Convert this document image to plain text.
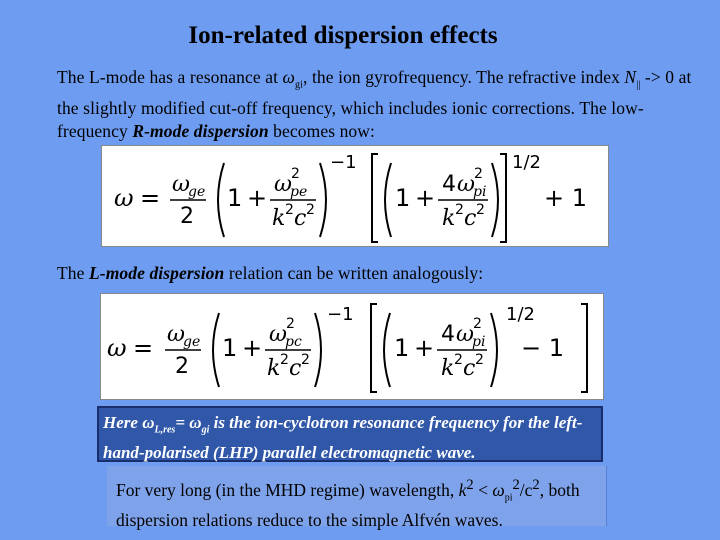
Ion-related dispersion effects
The L-mode has a resonance at $\omega_{gi}$, the ion gyrofrequency. The refractive index $N_{||} -> 0$ at the slightly modified cut-off frequency, which includes ionic corrections. The low-frequency R-mode dispersion becomes now:
ω = ω
ge
2
1 + ω 2
pe
k 2 c 2
−1
1 + 4 ω 2
pi
k 2 c 2
1/2
+ 1
The L-mode dispersion relation can be written analogously:
ω = ω
ge
2
1 + ω 2
pc
k 2 c 2
−1
1 + 4 ω 2
pi
k 2 c 2
1/2
− 1
Here $\omega_{L,res}= \omega_{gi}$ is the ion-cyclotron resonance frequency for the left-hand-polarised (LHP) parallel electromagnetic wave.
For very long (in the MHD regime) wavelength, $k^2 < \omega_{pi}^2/c^2$, both dispersion relations reduce to the simple Alfvén waves.
